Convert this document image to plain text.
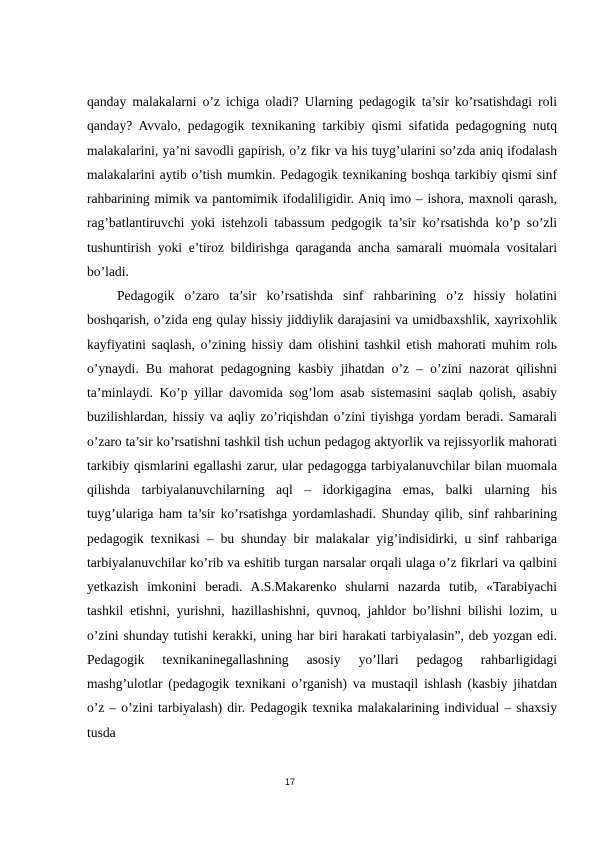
qanday malakalarni o’z ichiga oladi? Ularning pedagogik ta’sir ko’rsatishdagi roli qanday? Avvalo, pedagogik texnikaning tarkibiy qismi sifatida pedagogning nutq malakalarini, ya’ni savodli gapirish, o’z fikr va his tuyg’ularini so’zda aniq ifodalash malakalarini aytib o’tish mumkin. Pedagogik texnikaning boshqa tarkibiy qismi sinf rahbarining mimik va pantomimik ifodaliligidir. Aniq imo – ishora, maxnoli qarash, rag’batlantiruvchi yoki istehzoli tabassum pedgogik ta’sir ko’rsatishda ko’p so’zli tushuntirish yoki e’tiroz bildirishga qaraganda ancha samarali muomala vositalari bo’ladi.

Pedagogik o’zaro ta’sir ko’rsatishda sinf rahbarining o’z hissiy holatini boshqarish, o’zida eng qulay hissiy jiddiylik darajasini va umidbaxshlik, xayrixohlik kayfiyatini saqlash, o’zining hissiy dam olishini tashkil etish mahorati muhim rolь o’ynaydi. Bu mahorat pedagogning kasbiy jihatdan o’z – o’zini nazorat qilishni ta’minlaydi. Ko’p yillar davomida sog’lom asab sistemasini saqlab qolish, asabiy buzilishlardan, hissiy va aqliy zo’riqishdan o’zini tiyishga yordam beradi. Samarali o’zaro ta’sir ko’rsatishni tashkil tish uchun pedagog aktyorlik va rejissyorlik mahorati tarkibiy qismlarini egallashi zarur, ular pedagogga tarbiyalanuvchilar bilan muomala qilishda tarbiyalanuvchilarning aql – idorkigagina emas, balki ularning his tuyg’ulariga ham ta’sir ko’rsatishga yordamlashadi. Shunday qilib, sinf rahbarining pedagogik texnikasi – bu shunday bir malakalar yig’indisidirki, u sinf rahbariga tarbiyalanuvchilar ko’rib va eshitib turgan narsalar orqali ulaga o’z fikrlari va qalbini yetkazish imkonini beradi. A.S.Makarenko shularni nazarda tutib, «Tarabiyachi tashkil etishni, yurishni, hazillashishni, quvnoq, jahldor bo’lishni bilishi lozim, u o’zini shunday tutishi kerakki, uning har biri harakati tarbiyalasin”, deb yozgan edi. Pedagogik texnikaninegallashning asosiy yo’llari pedagog rahbarligidagi mashg’ulotlar (pedagogik texnikani o’rganish) va mustaqil ishlash (kasbiy jihatdan o’z – o’zini tarbiyalash) dir. Pedagogik texnika malakalarining individual – shaxsiy tusda

17
